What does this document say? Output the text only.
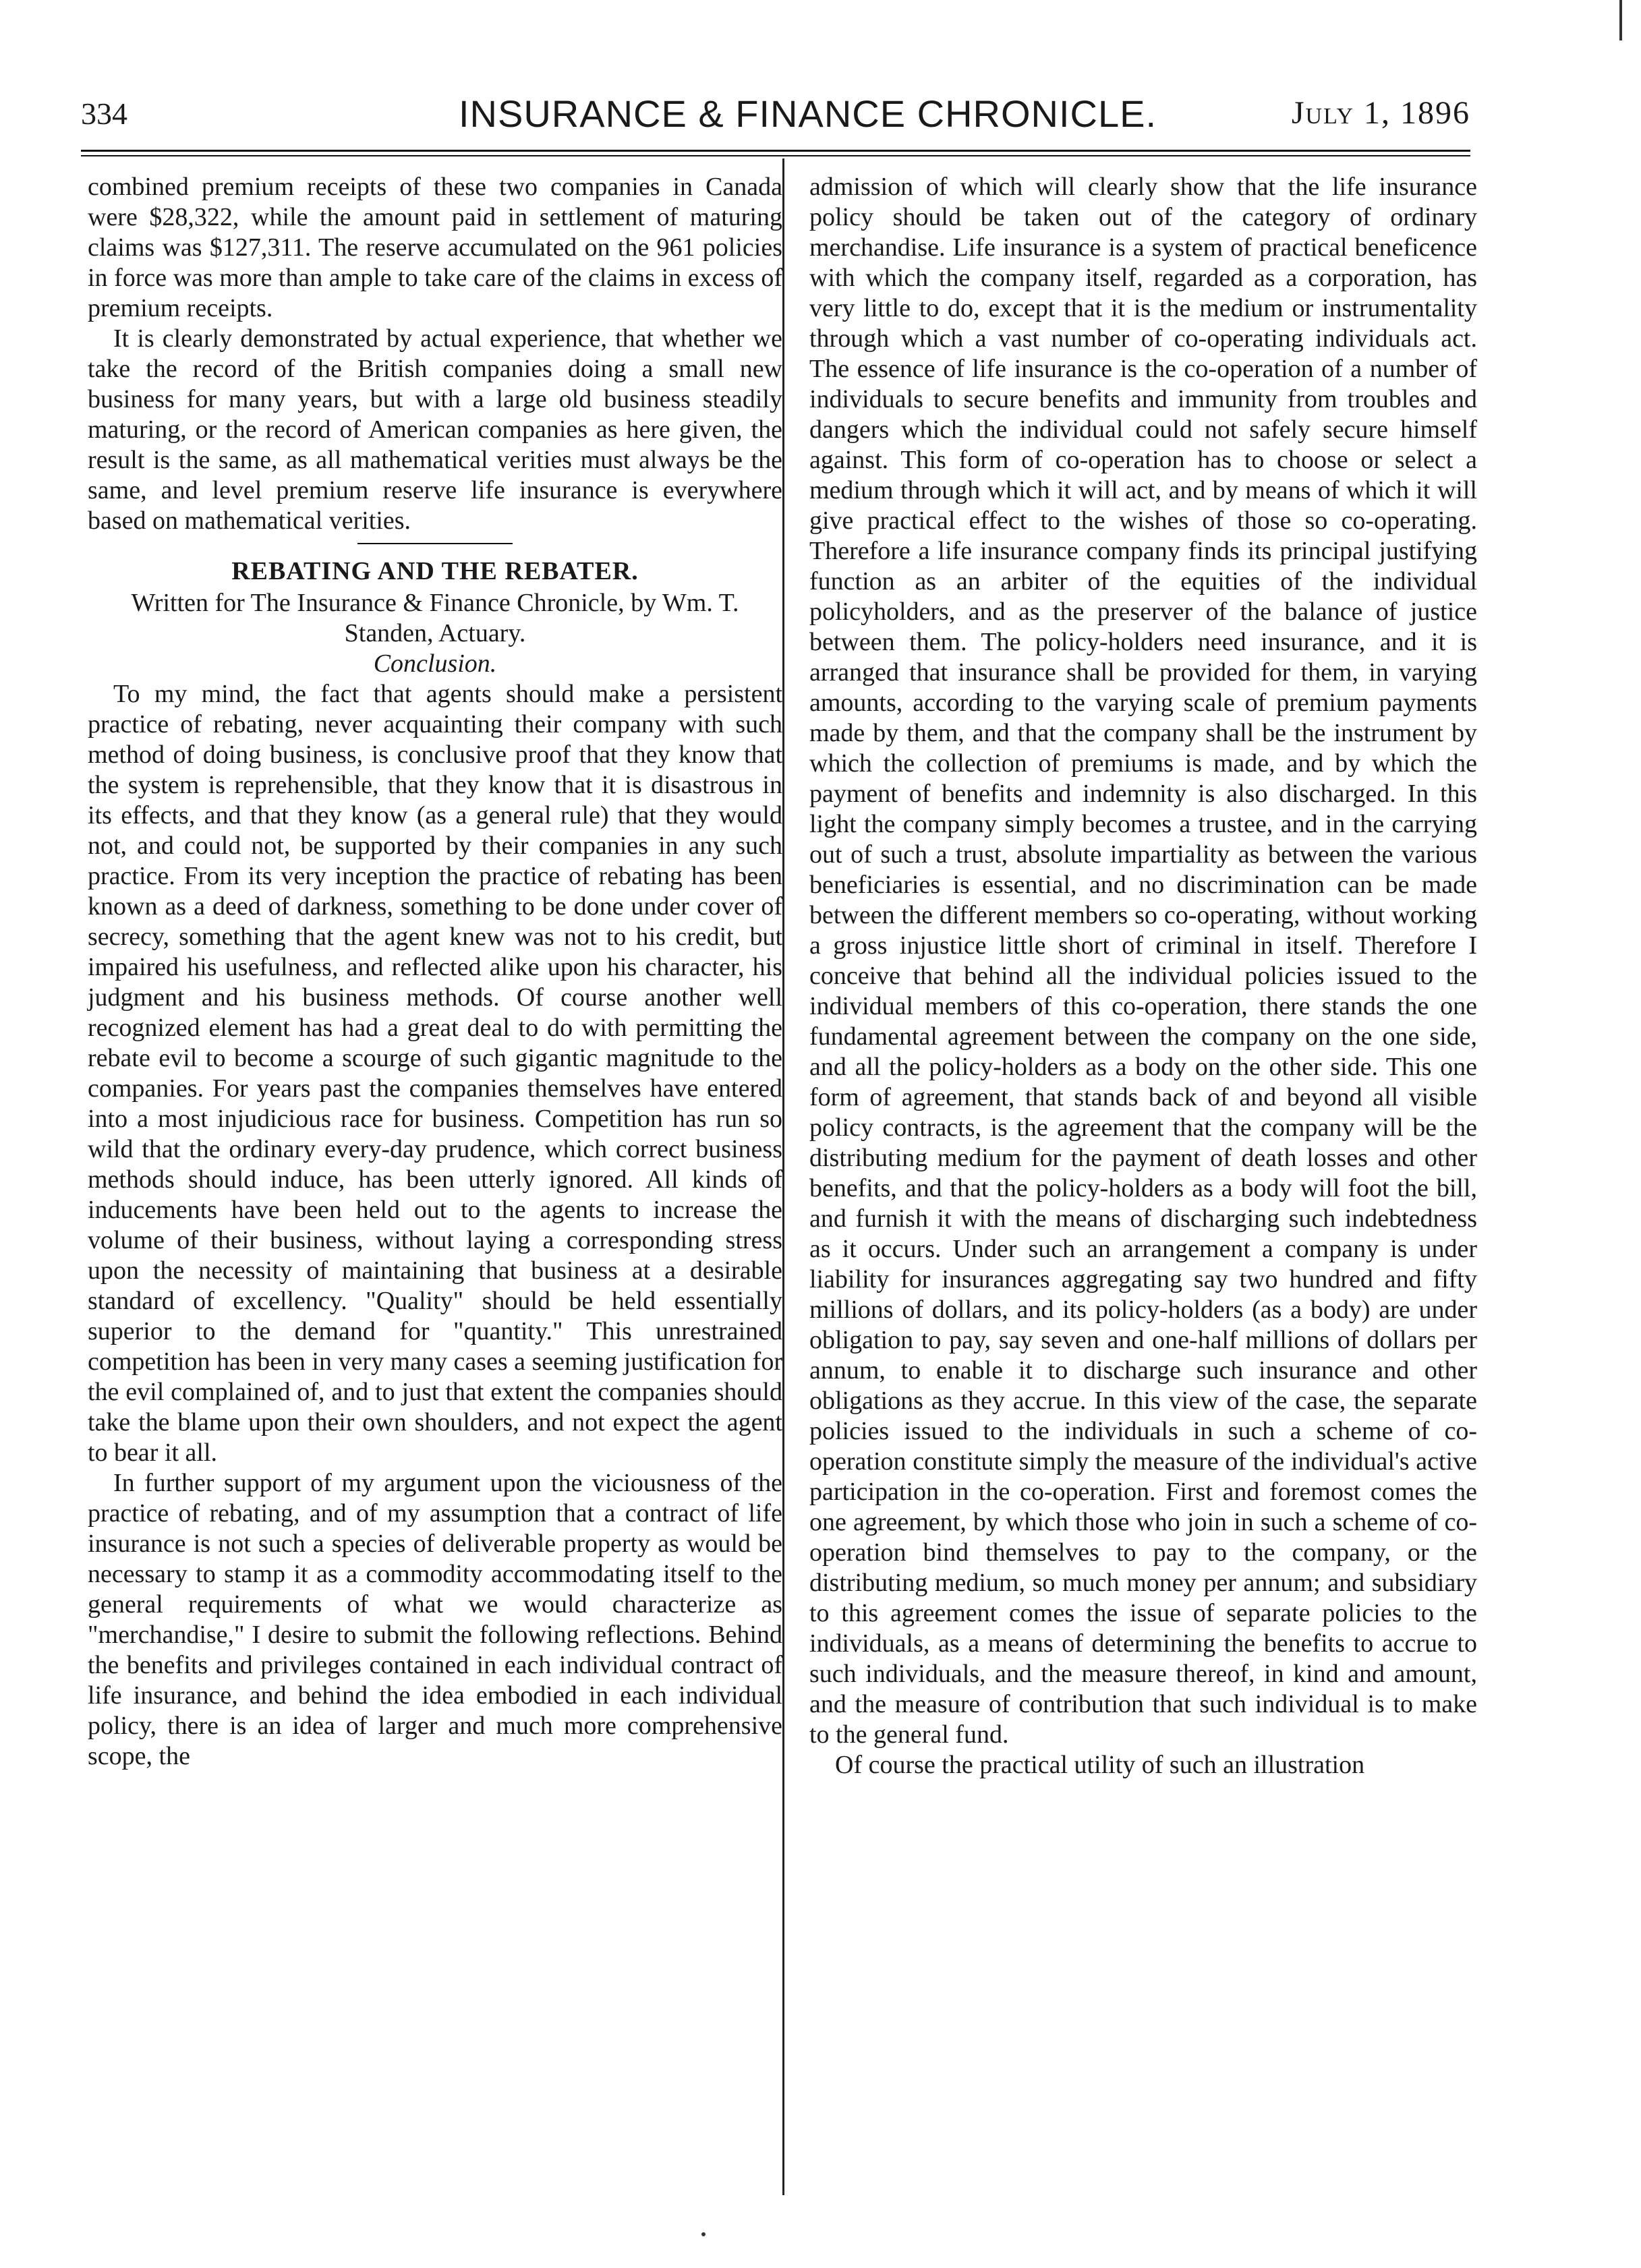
334	INSURANCE & FINANCE CHRONICLE.	July 1, 1896

combined premium receipts of these two companies in Canada were $28,322, while the amount paid in settlement of maturing claims was $127,311. The reserve accumulated on the 961 policies in force was more than ample to take care of the claims in excess of premium receipts.

It is clearly demonstrated by actual experience, that whether we take the record of the British companies doing a small new business for many years, but with a large old business steadily maturing, or the record of American companies as here given, the result is the same, as all mathematical verities must always be the same, and level premium reserve life insurance is everywhere based on mathematical verities.

REBATING AND THE REBATER.

Written for The Insurance & Finance Chronicle, by Wm. T. Standen, Actuary.

Conclusion.

To my mind, the fact that agents should make a persistent practice of rebating, never acquainting their company with such method of doing business, is conclusive proof that they know that the system is reprehensible, that they know that it is disastrous in its effects, and that they know (as a general rule) that they would not, and could not, be supported by their companies in any such practice. From its very inception the practice of rebating has been known as a deed of darkness, something to be done under cover of secrecy, something that the agent knew was not to his credit, but impaired his usefulness, and reflected alike upon his character, his judgment and his business methods. Of course another well recognized element has had a great deal to do with permitting the rebate evil to become a scourge of such gigantic magnitude to the companies. For years past the companies themselves have entered into a most injudicious race for business. Competition has run so wild that the ordinary every-day prudence, which correct business methods should induce, has been utterly ignored. All kinds of inducements have been held out to the agents to increase the volume of their business, without laying a corresponding stress upon the necessity of maintaining that business at a desirable standard of excellency. "Quality" should be held essentially superior to the demand for "quantity." This unrestrained competition has been in very many cases a seeming justification for the evil complained of, and to just that extent the companies should take the blame upon their own shoulders, and not expect the agent to bear it all.

In further support of my argument upon the viciousness of the practice of rebating, and of my assumption that a contract of life insurance is not such a species of deliverable property as would be necessary to stamp it as a commodity accommodating itself to the general requirements of what we would characterize as "merchandise," I desire to submit the following reflections. Behind the benefits and privileges contained in each individual contract of life insurance, and behind the idea embodied in each individual policy, there is an idea of larger and much more comprehensive scope, the

admission of which will clearly show that the life insurance policy should be taken out of the category of ordinary merchandise. Life insurance is a system of practical beneficence with which the company itself, regarded as a corporation, has very little to do, except that it is the medium or instrumentality through which a vast number of co-operating individuals act. The essence of life insurance is the co-operation of a number of individuals to secure benefits and immunity from troubles and dangers which the individual could not safely secure himself against. This form of co-operation has to choose or select a medium through which it will act, and by means of which it will give practical effect to the wishes of those so co-operating. Therefore a life insurance company finds its principal justifying function as an arbiter of the equities of the individual policyholders, and as the preserver of the balance of justice between them. The policy-holders need insurance, and it is arranged that insurance shall be provided for them, in varying amounts, according to the varying scale of premium payments made by them, and that the company shall be the instrument by which the collection of premiums is made, and by which the payment of benefits and indemnity is also discharged. In this light the company simply becomes a trustee, and in the carrying out of such a trust, absolute impartiality as between the various beneficiaries is essential, and no discrimination can be made between the different members so co-operating, without working a gross injustice little short of criminal in itself. Therefore I conceive that behind all the individual policies issued to the individual members of this co-operation, there stands the one fundamental agreement between the company on the one side, and all the policy-holders as a body on the other side. This one form of agreement, that stands back of and beyond all visible policy contracts, is the agreement that the company will be the distributing medium for the payment of death losses and other benefits, and that the policy-holders as a body will foot the bill, and furnish it with the means of discharging such indebtedness as it occurs. Under such an arrangement a company is under liability for insurances aggregating say two hundred and fifty millions of dollars, and its policy-holders (as a body) are under obligation to pay, say seven and one-half millions of dollars per annum, to enable it to discharge such insurance and other obligations as they accrue. In this view of the case, the separate policies issued to the individuals in such a scheme of co-operation constitute simply the measure of the individual's active participation in the co-operation. First and foremost comes the one agreement, by which those who join in such a scheme of co-operation bind themselves to pay to the company, or the distributing medium, so much money per annum; and subsidiary to this agreement comes the issue of separate policies to the individuals, as a means of determining the benefits to accrue to such individuals, and the measure thereof, in kind and amount, and the measure of contribution that such individual is to make to the general fund.

Of course the practical utility of such an illustration
